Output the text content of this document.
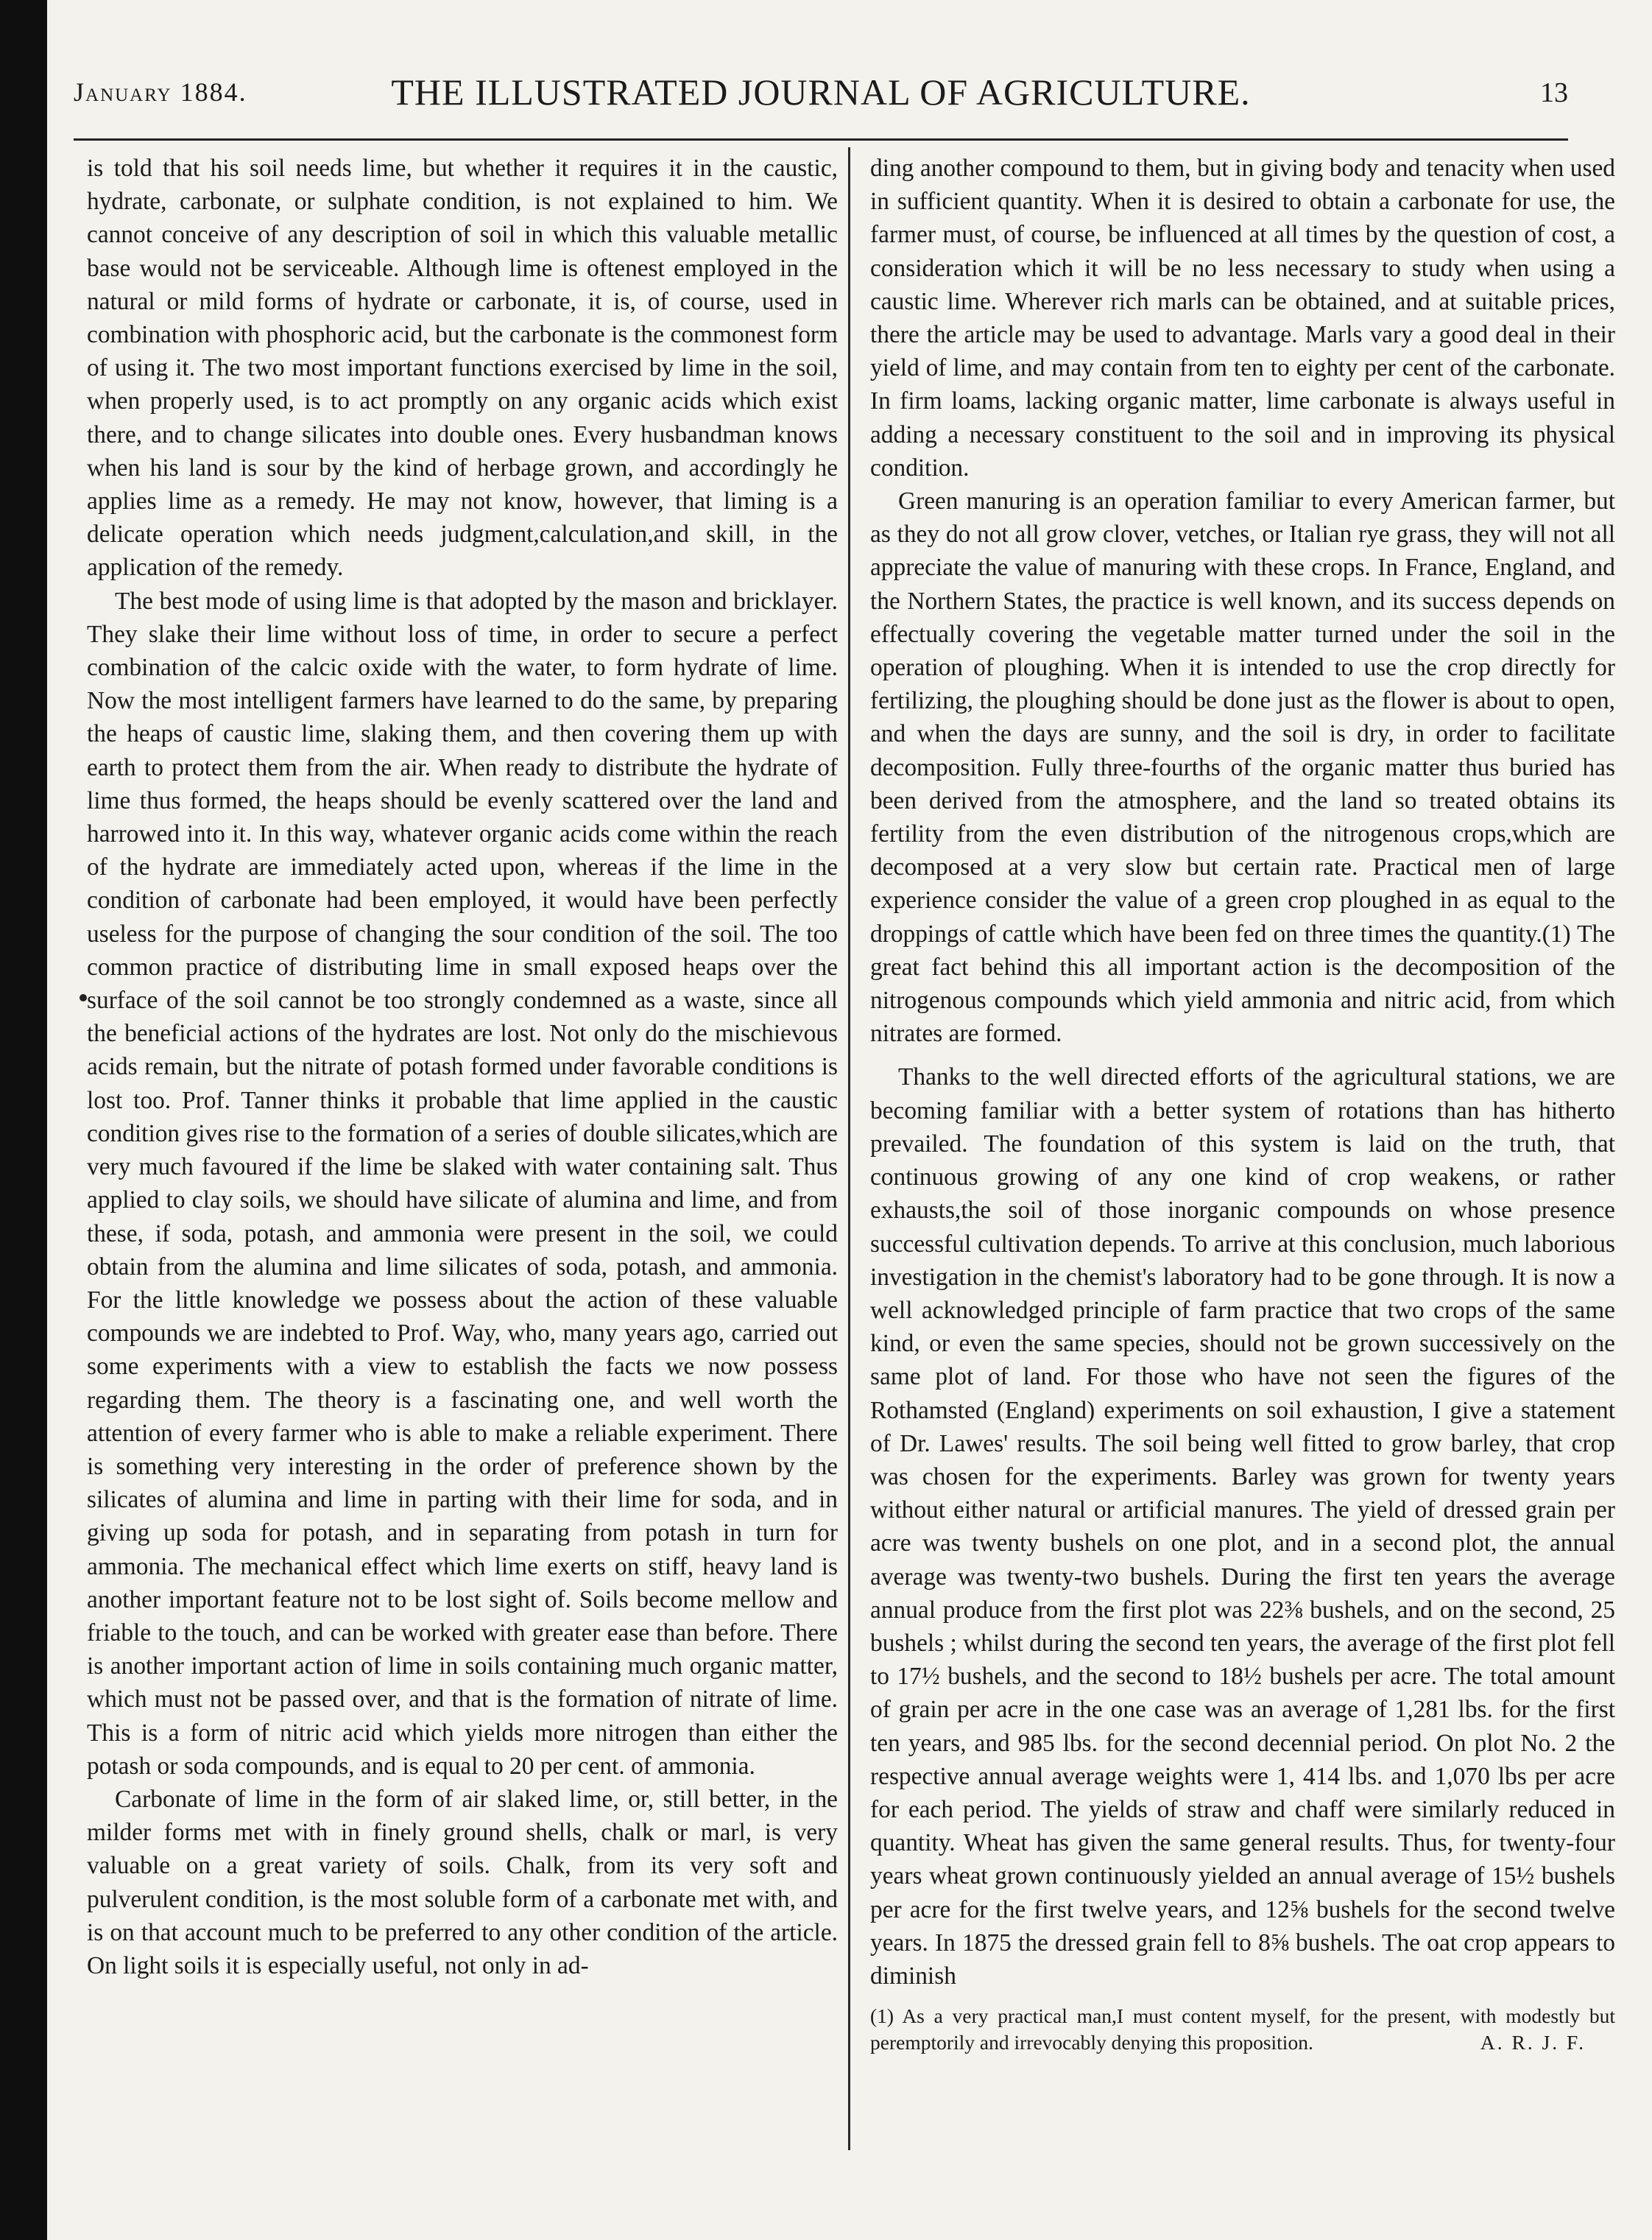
January 1884.	THE ILLUSTRATED JOURNAL OF AGRICULTURE.	13

is told that his soil needs lime, but whether it requires it in the caustic, hydrate, carbonate, or sulphate condition, is not explained to him. We cannot conceive of any description of soil in which this valuable metallic base would not be serviceable. Although lime is oftenest employed in the natural or mild forms of hydrate or carbonate, it is, of course, used in combination with phosphoric acid, but the carbonate is the commonest form of using it. The two most important functions exercised by lime in the soil, when properly used, is to act promptly on any organic acids which exist there, and to change silicates into double ones. Every husbandman knows when his land is sour by the kind of herbage grown, and accordingly he applies lime as a remedy. He may not know, however, that liming is a delicate operation which needs judgment,calculation,and skill, in the application of the remedy.

The best mode of using lime is that adopted by the mason and bricklayer. They slake their lime without loss of time, in order to secure a perfect combination of the calcic oxide with the water, to form hydrate of lime. Now the most intelligent farmers have learned to do the same, by preparing the heaps of caustic lime, slaking them, and then covering them up with earth to protect them from the air. When ready to distribute the hydrate of lime thus formed, the heaps should be evenly scattered over the land and harrowed into it. In this way, whatever organic acids come within the reach of the hydrate are immediately acted upon, whereas if the lime in the condition of carbonate had been employed, it would have been perfectly useless for the purpose of changing the sour condition of the soil. The too common practice of distributing lime in small exposed heaps over the surface of the soil cannot be too strongly condemned as a waste, since all the beneficial actions of the hydrates are lost. Not only do the mischievous acids remain, but the nitrate of potash formed under favorable conditions is lost too. Prof. Tanner thinks it probable that lime applied in the caustic condition gives rise to the formation of a series of double silicates,which are very much favoured if the lime be slaked with water containing salt. Thus applied to clay soils, we should have silicate of alumina and lime, and from these, if soda, potash, and ammonia were present in the soil, we could obtain from the alumina and lime silicates of soda, potash, and ammonia. For the little knowledge we possess about the action of these valuable compounds we are indebted to Prof. Way, who, many years ago, carried out some experiments with a view to establish the facts we now possess regarding them. The theory is a fascinating one, and well worth the attention of every farmer who is able to make a reliable experiment. There is something very interesting in the order of preference shown by the silicates of alumina and lime in parting with their lime for soda, and in giving up soda for potash, and in separating from potash in turn for ammonia. The mechanical effect which lime exerts on stiff, heavy land is another important feature not to be lost sight of. Soils become mellow and friable to the touch, and can be worked with greater ease than before. There is another important action of lime in soils containing much organic matter, which must not be passed over, and that is the formation of nitrate of lime. This is a form of nitric acid which yields more nitrogen than either the potash or soda compounds, and is equal to 20 per cent. of ammonia.

Carbonate of lime in the form of air slaked lime, or, still better, in the milder forms met with in finely ground shells, chalk or marl, is very valuable on a great variety of soils. Chalk, from its very soft and pulverulent condition, is the most soluble form of a carbonate met with, and is on that account much to be preferred to any other condition of the article. On light soils it is especially useful, not only in ad-

ding another compound to them, but in giving body and tenacity when used in sufficient quantity. When it is desired to obtain a carbonate for use, the farmer must, of course, be influenced at all times by the question of cost, a consideration which it will be no less necessary to study when using a caustic lime. Wherever rich marls can be obtained, and at suitable prices, there the article may be used to advantage. Marls vary a good deal in their yield of lime, and may contain from ten to eighty per cent of the carbonate. In firm loams, lacking organic matter, lime carbonate is always useful in adding a necessary constituent to the soil and in improving its physical condition.

Green manuring is an operation familiar to every American farmer, but as they do not all grow clover, vetches, or Italian rye grass, they will not all appreciate the value of manuring with these crops. In France, England, and the Northern States, the practice is well known, and its success depends on effectually covering the vegetable matter turned under the soil in the operation of ploughing. When it is intended to use the crop directly for fertilizing, the ploughing should be done just as the flower is about to open, and when the days are sunny, and the soil is dry, in order to facilitate decomposition. Fully three-fourths of the organic matter thus buried has been derived from the atmosphere, and the land so treated obtains its fertility from the even distribution of the nitrogenous crops,which are decomposed at a very slow but certain rate. Practical men of large experience consider the value of a green crop ploughed in as equal to the droppings of cattle which have been fed on three times the quantity.(1) The great fact behind this all important action is the decomposition of the nitrogenous compounds which yield ammonia and nitric acid, from which nitrates are formed.

Thanks to the well directed efforts of the agricultural stations, we are becoming familiar with a better system of rotations than has hitherto prevailed. The foundation of this system is laid on the truth, that continuous growing of any one kind of crop weakens, or rather exhausts,the soil of those inorganic compounds on whose presence successful cultivation depends. To arrive at this conclusion, much laborious investigation in the chemist's laboratory had to be gone through. It is now a well acknowledged principle of farm practice that two crops of the same kind, or even the same species, should not be grown successively on the same plot of land. For those who have not seen the figures of the Rothamsted (England) experiments on soil exhaustion, I give a statement of Dr. Lawes' results. The soil being well fitted to grow barley, that crop was chosen for the experiments. Barley was grown for twenty years without either natural or artificial manures. The yield of dressed grain per acre was twenty bushels on one plot, and in a second plot, the annual average was twenty-two bushels. During the first ten years the average annual produce from the first plot was 22⅜ bushels, and on the second, 25 bushels ; whilst during the second ten years, the average of the first plot fell to 17½ bushels, and the second to 18½ bushels per acre. The total amount of grain per acre in the one case was an average of 1,281 lbs. for the first ten years, and 985 lbs. for the second decennial period. On plot No. 2 the respective annual average weights were 1, 414 lbs. and 1,070 lbs per acre for each period. The yields of straw and chaff were similarly reduced in quantity. Wheat has given the same general results. Thus, for twenty-four years wheat grown continuously yielded an annual average of 15½ bushels per acre for the first twelve years, and 12⅝ bushels for the second twelve years. In 1875 the dressed grain fell to 8⅝ bushels. The oat crop appears to diminish

(1) As a very practical man,I must content myself, for the present, with modestly but peremptorily and irrevocably denying this proposition.	A. R. J. F.
